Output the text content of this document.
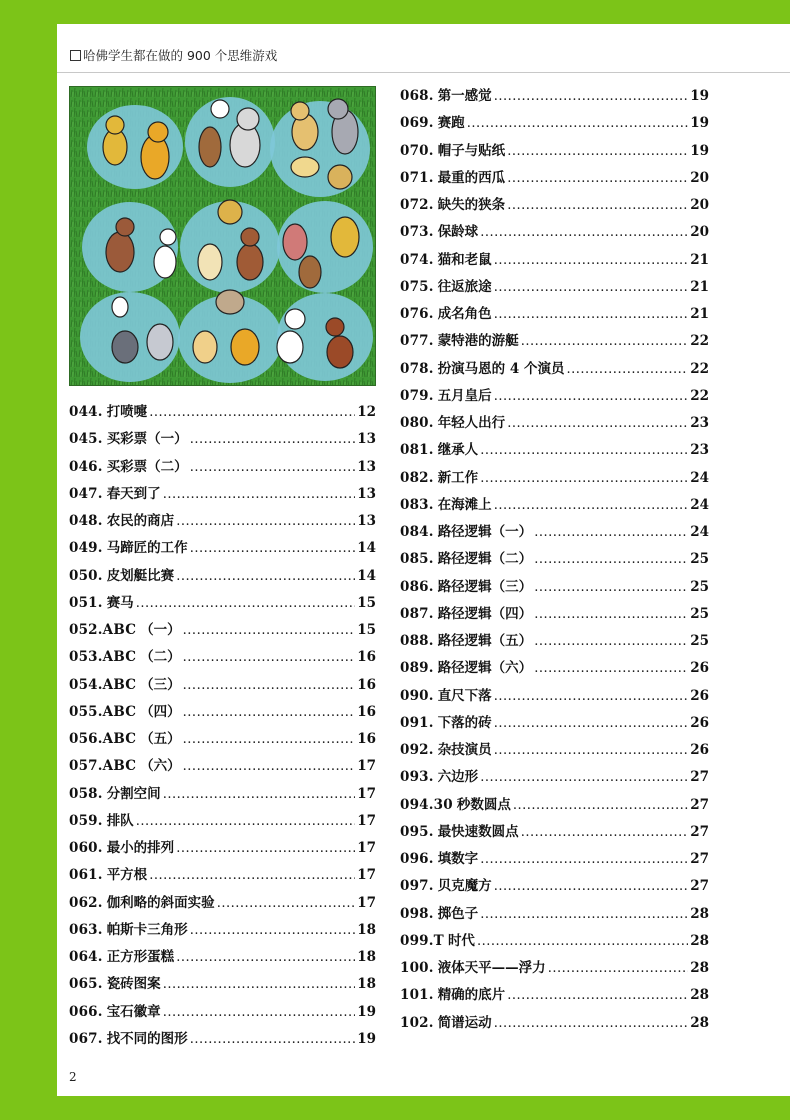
哈佛学生都在做的 900 个思维游戏
044. 打喷嚏 .....	12
045. 买彩票（一） .....	13
046. 买彩票（二） .....	13
047. 春天到了 .....	13
048. 农民的商店 .....	13
049. 马蹄匠的工作 .....	14
050. 皮划艇比赛 .....	14
051. 赛马 .....	15
052.ABC （一） .....	15
053.ABC （二） .....	16
054.ABC （三） .....	16
055.ABC （四） .....	16
056.ABC （五） .....	16
057.ABC （六） .....	17
058. 分割空间 .....	17
059. 排队 .....	17
060. 最小的排列 .....	17
061. 平方根 .....	17
062. 伽利略的斜面实验 .....	17
063. 帕斯卡三角形 .....	18
064. 正方形蛋糕 .....	18
065. 瓷砖图案 .....	18
066. 宝石徽章 .....	19
067. 找不同的图形 .....	19
068. 第一感觉 .....	19
069. 赛跑 .....	19
070. 帽子与贴纸 .....	19
071. 最重的西瓜 .....	20
072. 缺失的狭条 .....	20
073. 保龄球 .....	20
074. 猫和老鼠 .....	21
075. 往返旅途 .....	21
076. 成名角色 .....	21
077. 蒙特港的游艇 .....	22
078. 扮演马恩的 4 个演员 .....	22
079. 五月皇后 .....	22
080. 年轻人出行 .....	23
081. 继承人 .....	23
082. 新工作 .....	24
083. 在海滩上 .....	24
084. 路径逻辑（一） .....	24
085. 路径逻辑（二） .....	25
086. 路径逻辑（三） .....	25
087. 路径逻辑（四） .....	25
088. 路径逻辑（五） .....	25
089. 路径逻辑（六） .....	26
090. 直尺下落 .....	26
091. 下落的砖 .....	26
092. 杂技演员 .....	26
093. 六边形 .....	27
094.30 秒数圆点 .....	27
095. 最快速数圆点 .....	27
096. 填数字 .....	27
097. 贝克魔方 .....	27
098. 掷色子 .....	28
099.T 时代 .....	28
100. 液体天平——浮力 .....	28
101. 精确的底片 .....	28
102. 简谱运动 .....	28
2
